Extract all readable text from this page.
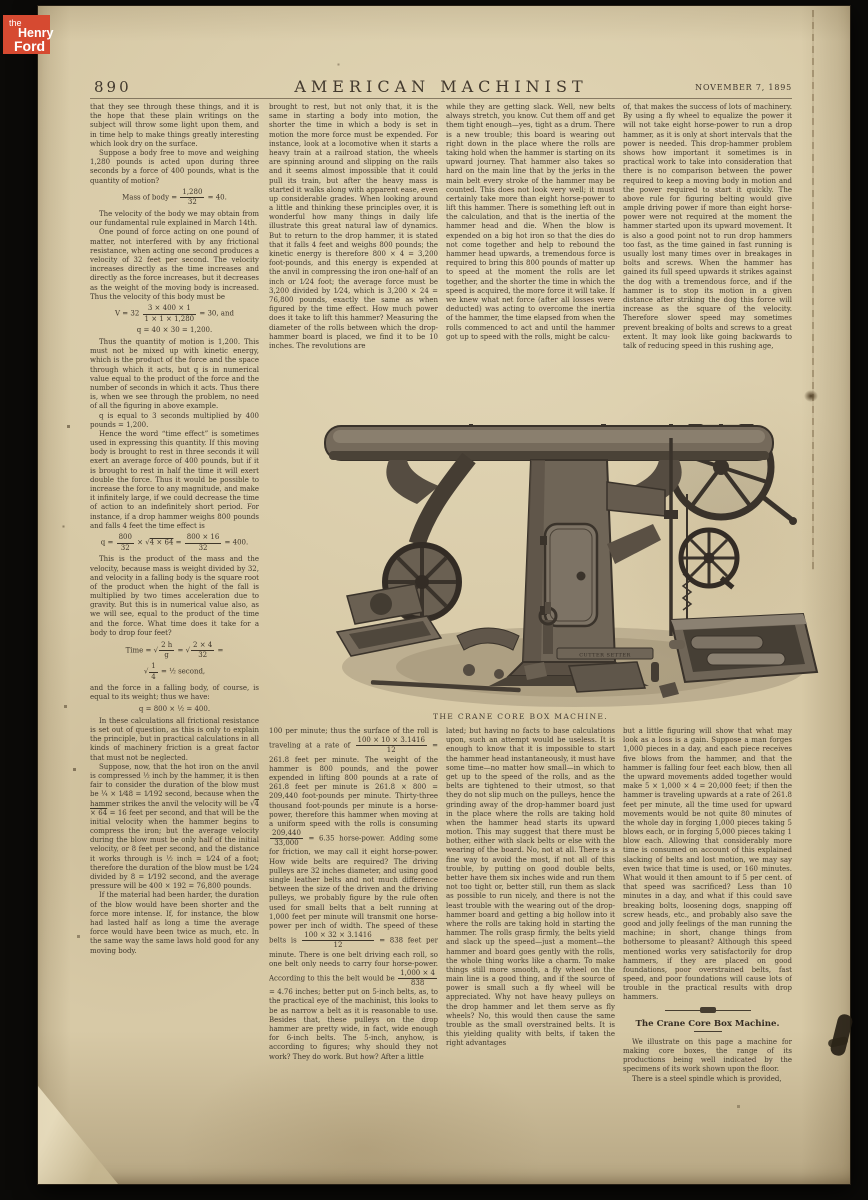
890	AMERICAN MACHINIST	NOVEMBER 7, 1895
that they see through these things, and it is the hope that these plain writings on the subject will throw some light upon them, and in time help to make things greatly interesting which look dry on the surface.
Suppose a body free to move and weighing 1,280 pounds is acted upon during three seconds by a force of 400 pounds, what is the quantity of motion?
Mass of body = $\frac{1,280}{32} = 40$.
The velocity of the body we may obtain from our fundamental rule explained in March 14th.
One pound of force acting on one pound of matter, not interfered with by any frictional resistance, when acting one second produces a velocity of 32 feet per second. The velocity increases directly as the time increases and directly as the force increases, but it decreases as the weight of the moving body is increased. Thus the velocity of this body must be
$V = 32 \frac{3 \times 400 \times 1}{1 \times 1 \times 1,280} = 30$, and
q = 40 × 30 = 1,200.
Thus the quantity of motion is 1,200. This must not be mixed up with kinetic energy, which is the product of the force and the space through which it acts, but q is in numerical value equal to the product of the force and the number of seconds in which it acts. Thus there is, when we see through the problem, no need of all the figuring in above example.
q is equal to 3 seconds multiplied by 400 pounds = 1,200.
Hence the word “time effect” is sometimes used in expressing this quantity. If this moving body is brought to rest in three seconds it will exert an average force of 400 pounds, but if it is brought to rest in half the time it will exert double the force. Thus it would be possible to increase the force to any magnitude, and make it infinitely large, if we could decrease the time of action to an indefinitely short period. For instance, if a drop hammer weighs 800 pounds and falls 4 feet the time effect is
$q = \frac{800}{32} \times √4 \times 64 = \frac{800 \times 16}{32} = 400$.
This is the product of the mass and the velocity, because mass is weight divided by 32, and velocity in a falling body is the square root of the product when the hight of the fall is multiplied by two times acceleration due to gravity. But this is in numerical value also, as we will see, equal to the product of the time and the force. What time does it take for a body to drop four feet?
Time = √ $\frac{2 h}{g}$ = √ $\frac{2 \times 4}{32}$ =
√ $\frac{1}{4}$ = ½ second,
and the force in a falling body, of course, is equal to its weight; thus we have:
q = 800 × ½ = 400.
In these calculations all frictional resistance is set out of question, as this is only to explain the principle, but in practical calculations in all kinds of machinery friction is a great factor that must not be neglected.
Suppose, now, that the hot iron on the anvil is compressed ½ inch by the hammer, it is then fair to consider the duration of the blow must be ¼ × 1⁄48 = 1⁄192 second, because when the hammer strikes the anvil the velocity will be √4 × 64 = 16 feet per second, and that will be the initial velocity when the hammer begins to compress the iron; but the average velocity during the blow must be only half of the initial velocity, or 8 feet per second, and the distance it works through is ½ inch = 1⁄24 of a foot; therefore the duration of the blow must be 1⁄24 divided by 8 = 1⁄192 second, and the average pressure will be 400 × 192 = 76,800 pounds.
If the material had been harder, the duration of the blow would have been shorter and the force more intense. If, for instance, the blow had lasted half as long a time the average force would have been twice as much, etc. In the same way the same laws hold good for any moving body.
brought to rest, but not only that, it is the same in starting a body into motion, the shorter the time in which a body is set in motion the more force must be expended. For instance, look at a locomotive when it starts a heavy train at a railroad station, the wheels are spinning around and slipping on the rails and it seems almost impossible that it could pull its train, but after the heavy mass is started it walks along with apparent ease, even up considerable grades. When looking around a little and thinking these principles over, it is wonderful how many things in daily life illustrate this great natural law of dynamics. But to return to the drop hammer, it is stated that it falls 4 feet and weighs 800 pounds; the kinetic energy is therefore 800 × 4 = 3,200 foot-pounds, and this energy is expended at the anvil in compressing the iron one-half of an inch or 1⁄24 foot; the average force must be 3,200 divided by 1⁄24, which is 3,200 × 24 = 76,800 pounds, exactly the same as when figured by the time effect. How much power does it take to lift this hammer? Measuring the diameter of the rolls between which the drop-hammer board is placed, we find it to be 10 inches. The revolutions are
while they are getting slack. Well, new belts always stretch, you know. Cut them off and get them tight enough—yes, tight as a drum. There is a new trouble; this board is wearing out right down in the place where the rolls are taking hold when the hammer is starting on its upward journey. That hammer also takes so hard on the main line that by the jerks in the main belt every stroke of the hammer may be counted. This does not look very well; it must certainly take more than eight horse-power to lift this hammer. There is something left out in the calculation, and that is the inertia of the hammer head and die. When the blow is expended on a big hot iron so that the dies do not come together and help to rebound the hammer head upwards, a tremendous force is required to bring this 800 pounds of matter up to speed at the moment the rolls are let together, and the shorter the time in which the speed is acquired, the more force it will take. If we knew what net force (after all losses were deducted) was acting to overcome the inertia of the hammer, the time elapsed from when the rolls commenced to act and until the hammer got up to speed with the rolls, might be calcu-
of, that makes the success of lots of machinery. By using a fly wheel to equalize the power it will not take eight horse-power to run a drop hammer, as it is only at short intervals that the power is needed. This drop-hammer problem shows how important it sometimes is in practical work to take into consideration that there is no comparison between the power required to keep a moving body in motion and the power required to start it quickly. The above rule for figuring belting would give ample driving power if more than eight horse-power were not required at the moment the hammer started upon its upward movement. It is also a good point not to run drop hammers too fast, as the time gained in fast running is usually lost many times over in breakages in bolts and screws. When the hammer has gained its full speed upwards it strikes against the dog with a tremendous force, and if the hammer is to stop its motion in a given distance after striking the dog this force will increase as the square of the velocity. Therefore slower speed may sometimes prevent breaking of bolts and screws to a great extent. It may look like going backwards to talk of reducing speed in this rushing age,
CUTTER SETTER
THE CRANE CORE BOX MACHINE.
100 per minute; thus the surface of the roll is traveling at a rate of $\frac{100 \times 10 \times 3.1416}{12} = 261.8$ feet per minute. The weight of the hammer is 800 pounds, and the power expended in lifting 800 pounds at a rate of 261.8 feet per minute is 261.8 × 800 = 209,440 foot-pounds per minute. Thirty-three thousand foot-pounds per minute is a horse-power, therefore this hammer when moving at a uniform speed with the rolls is consuming
$\frac{209,440}{33,000} = 6.35$ horse-power. Adding some for friction, we may call it eight horse-power. How wide belts are required? The driving pulleys are 32 inches diameter, and using good single leather belts and not much difference between the size of the driven and the driving pulleys, we probably figure by the rule often used for small belts that a belt running at 1,000 feet per minute will transmit one horse-power per inch of width. The speed of these belts is $\frac{100 \times 32 \times 3.1416}{12} = 838$ feet per minute. There is one belt driving each roll, so one belt only needs to carry four horse-power. According to this the belt would be $\frac{1,000 \times 4}{838}$
= 4.76 inches; better put on 5-inch belts, as, to the practical eye of the machinist, this looks to be as narrow a belt as it is reasonable to use. Besides that, these pulleys on the drop hammer are pretty wide, in fact, wide enough for 6-inch belts. The 5-inch, anyhow, is according to figures; why should they not work? They do work. But how? After a little
lated; but having no facts to base calculations upon, such an attempt would be useless. It is enough to know that it is impossible to start the hammer head instantaneously, it must have some time—no matter how small—in which to get up to the speed of the rolls, and as the belts are tightened to their utmost, so that they do not slip much on the pulleys, hence the grinding away of the drop-hammer board just in the place where the rolls are taking hold when the hammer head starts its upward motion. This may suggest that there must be bother, either with slack belts or else with the wearing of the board. No, not at all. There is a fine way to avoid the most, if not all of this trouble, by putting on good double belts, better have them six inches wide and run them not too tight or, better still, run them as slack as possible to run nicely, and there is not the least trouble with the wearing out of the drop-hammer board and getting a big hollow into it where the rolls are taking hold in starting the hammer. The rolls grasp firmly, the belts yield and slack up the speed—just a moment—the hammer and board goes gently with the rolls, the whole thing works like a charm. To make things still more smooth, a fly wheel on the main line is a good thing, and if the source of power is small such a fly wheel will be appreciated. Why not have heavy pulleys on the drop hammer and let them serve as fly wheels? No, this would then cause the same trouble as the small overstrained belts. It is this yielding quality with belts, if taken the right advantages
but a little figuring will show that what may look as a loss is a gain. Suppose a man forges 1,000 pieces in a day, and each piece receives five blows from the hammer, and that the hammer is falling four feet each blow, then all the upward movements added together would make 5 × 1,000 × 4 = 20,000 feet; if then the hammer is traveling upwards at a rate of 261.8 feet per minute, all the time used for upward movements would be not quite 80 minutes of the whole day in forging 1,000 pieces taking 5 blows each, or in forging 5,000 pieces taking 1 blow each. Allowing that considerably more time is consumed on account of this explained slacking of belts and lost motion, we may say even twice that time is used, or 160 minutes. What would it then amount to if 5 per cent. of that speed was sacrificed? Less than 10 minutes in a day, and what if this could save breaking bolts, loosening dogs, snapping off screw heads, etc., and probably also save the good and jolly feelings of the man running the machine; in short, change things from bothersome to pleasant? Although this speed mentioned works very satisfactorily for drop hammers, if they are placed on good foundations, poor overstrained belts, fast speed, and poor foundations will cause lots of trouble in the practical results with drop hammers.
The Crane Core Box Machine.
We illustrate on this page a machine for making core boxes, the range of its productions being well indicated by the specimens of its work shown upon the floor.
There is a steel spindle which is provided,
the
Henry
Ford
